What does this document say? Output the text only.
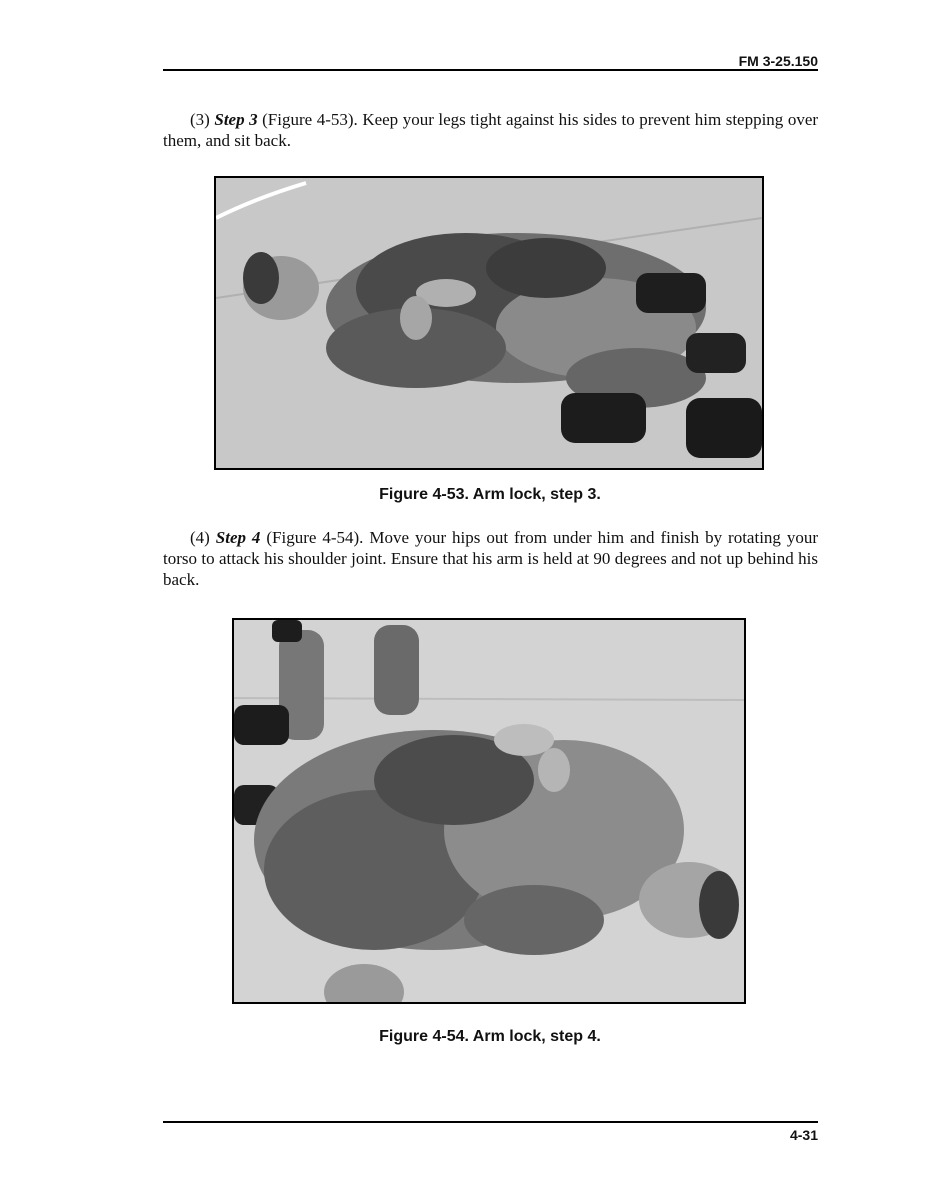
FM 3-25.150
(3) Step 3 (Figure 4-53). Keep your legs tight against his sides to prevent him stepping over them, and sit back.
Figure 4-53. Arm lock, step 3.
(4) Step 4 (Figure 4-54). Move your hips out from under him and finish by rotating your torso to attack his shoulder joint. Ensure that his arm is held at 90 degrees and not up behind his back.
Figure 4-54. Arm lock, step 4.
4-31
